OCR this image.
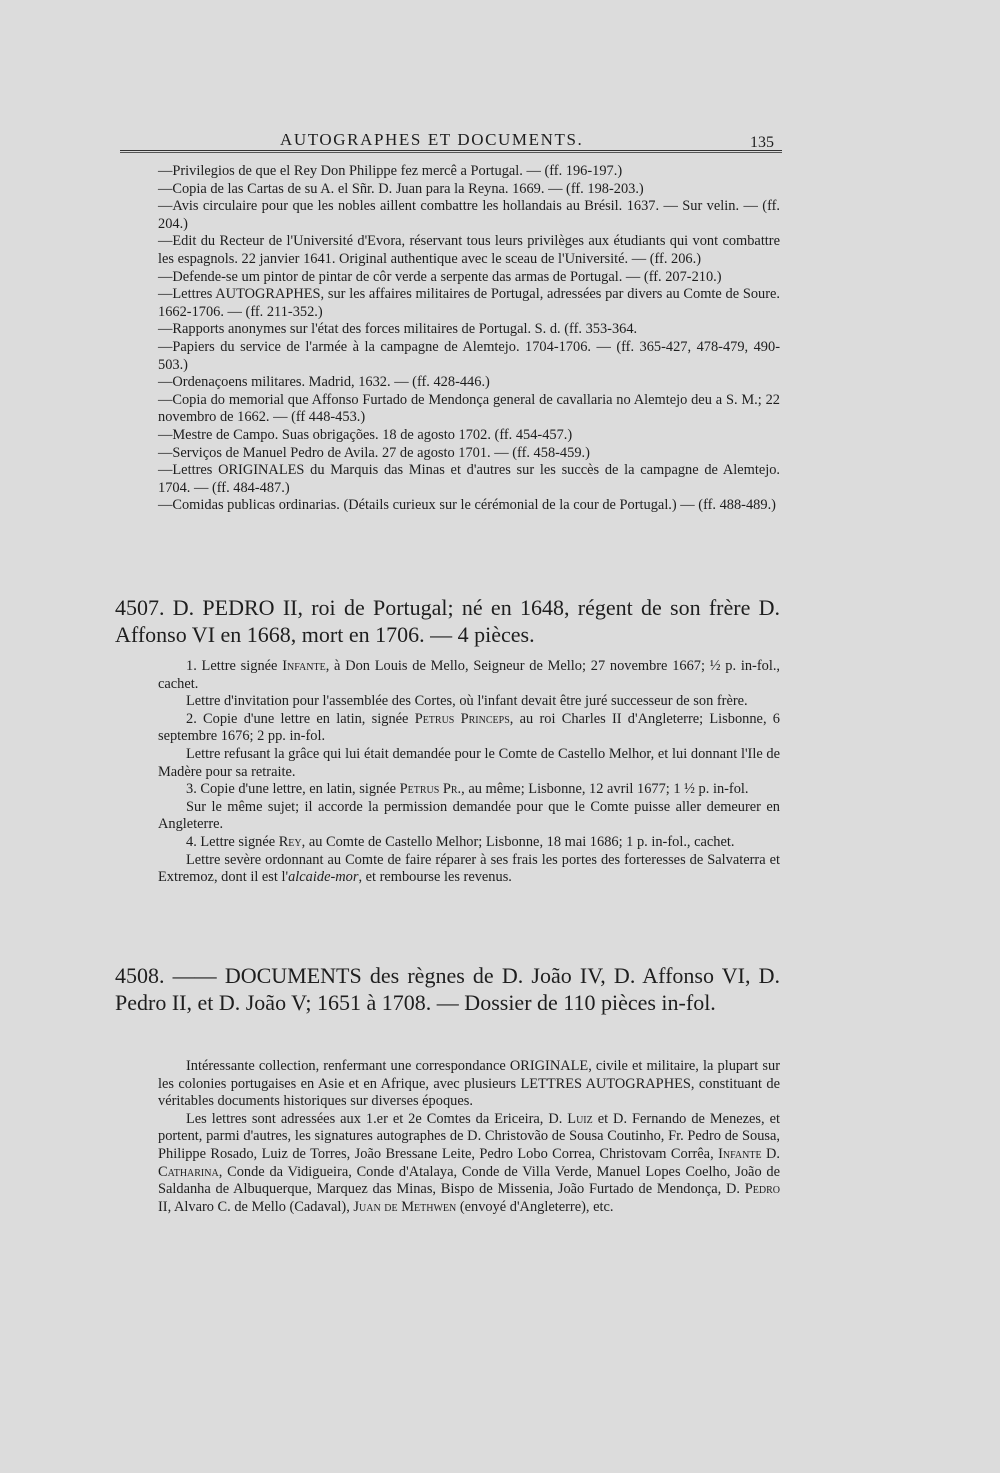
AUTOGRAPHES ET DOCUMENTS.	135

—Privilegios de que el Rey Don Philippe fez mercê a Portugal. — (ff. 196-197.)

—Copia de las Cartas de su A. el Sñr. D. Juan para la Reyna. 1669. — (ff. 198-203.)

—Avis circulaire pour que les nobles aillent combattre les hollandais au Brésil. 1637. — Sur velin. — (ff. 204.)

—Edit du Recteur de l'Université d'Evora, réservant tous leurs privilèges aux étudiants qui vont combattre les espagnols. 22 janvier 1641. Original authentique avec le sceau de l'Université. — (ff. 206.)

—Defende-se um pintor de pintar de côr verde a serpente das armas de Portugal. — (ff. 207-210.)

—Lettres AUTOGRAPHES, sur les affaires militaires de Portugal, adressées par divers au Comte de Soure. 1662-1706. — (ff. 211-352.)

—Rapports anonymes sur l'état des forces militaires de Portugal. S. d. (ff. 353-364.

—Papiers du service de l'armée à la campagne de Alemtejo. 1704-1706. — (ff. 365-427, 478-479, 490-503.)

—Ordenaçoens militares. Madrid, 1632. — (ff. 428-446.)

—Copia do memorial que Affonso Furtado de Mendonça general de cavallaria no Alemtejo deu a S. M.; 22 novembro de 1662. — (ff 448-453.)

—Mestre de Campo. Suas obrigações. 18 de agosto 1702. (ff. 454-457.)

—Serviços de Manuel Pedro de Avila. 27 de agosto 1701. — (ff. 458-459.)

—Lettres ORIGINALES du Marquis das Minas et d'autres sur les succès de la campagne de Alemtejo. 1704. — (ff. 484-487.)

—Comidas publicas ordinarias. (Détails curieux sur le cérémonial de la cour de Portugal.) — (ff. 488-489.)

4507. D. PEDRO II, roi de Portugal; né en 1648, régent de son frère D. Affonso VI en 1668, mort en 1706. — 4 pièces.

1. Lettre signée Infante, à Don Louis de Mello, Seigneur de Mello; 27 novembre 1667; ½ p. in-fol., cachet.

Lettre d'invitation pour l'assemblée des Cortes, où l'infant devait être juré successeur de son frère.

2. Copie d'une lettre en latin, signée Petrus Princeps, au roi Charles II d'Angleterre; Lisbonne, 6 septembre 1676; 2 pp. in-fol.

Lettre refusant la grâce qui lui était demandée pour le Comte de Castello Melhor, et lui donnant l'Ile de Madère pour sa retraite.

3. Copie d'une lettre, en latin, signée Petrus Pr., au même; Lisbonne, 12 avril 1677; 1 ½ p. in-fol.

Sur le même sujet; il accorde la permission demandée pour que le Comte puisse aller demeurer en Angleterre.

4. Lettre signée Rey, au Comte de Castello Melhor; Lisbonne, 18 mai 1686; 1 p. in-fol., cachet.

Lettre sevère ordonnant au Comte de faire réparer à ses frais les portes des forteresses de Salvaterra et Extremoz, dont il est l'alcaide-mor, et rembourse les revenus.

4508. —— DOCUMENTS des règnes de D. João IV, D. Affonso VI, D. Pedro II, et D. João V; 1651 à 1708. — Dossier de 110 pièces in-fol.

Intéressante collection, renfermant une correspondance ORIGINALE, civile et militaire, la plupart sur les colonies portugaises en Asie et en Afrique, avec plusieurs LETTRES AUTOGRAPHES, constituant de véritables documents historiques sur diverses époques.

Les lettres sont adressées aux 1.er et 2e Comtes da Ericeira, D. Luiz et D. Fernando de Menezes, et portent, parmi d'autres, les signatures autographes de D. Christovão de Sousa Coutinho, Fr. Pedro de Sousa, Philippe Rosado, Luiz de Torres, João Bressane Leite, Pedro Lobo Correa, Christovam Corrêa, Infante D. Catharina, Conde da Vidigueira, Conde d'Atalaya, Conde de Villa Verde, Manuel Lopes Coelho, João de Saldanha de Albuquerque, Marquez das Minas, Bispo de Missenia, João Furtado de Mendonça, D. Pedro II, Alvaro C. de Mello (Cadaval), Juan de Methwen (envoyé d'Angleterre), etc.
